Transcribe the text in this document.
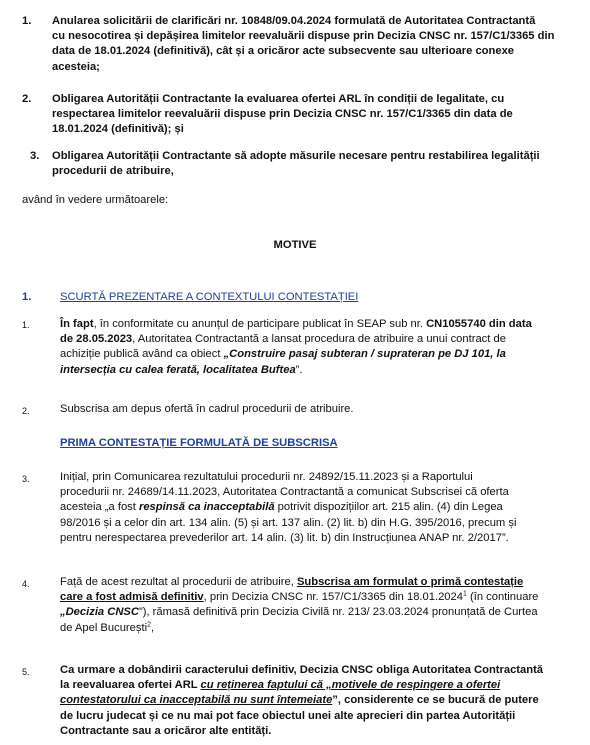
1. Anularea solicitării de clarificări nr. 10848/09.04.2024 formulată de Autoritatea Contractantă
cu nesocotirea și depășirea limitelor reevaluării dispuse prin Decizia CNSC nr. 157/C1/3365 din
data de 18.01.2024 (definitivă), cât și a oricăror acte subsecvente sau ulterioare conexe
acesteia;
2. Obligarea Autorității Contractante la evaluarea ofertei ARL în condiții de legalitate, cu
respectarea limitelor reevaluării dispuse prin Decizia CNSC nr. 157/C1/3365 din data de
18.01.2024 (definitivă); și
3. Obligarea Autorității Contractante să adopte măsurile necesare pentru restabilirea legalității
procedurii de atribuire,
având în vedere următoarele:
MOTIVE
1.	SCURTĂ PREZENTARE A CONTEXTULUI CONTESTAȚIEI
1.	În fapt, în conformitate cu anunțul de participare publicat în SEAP sub nr. CN1055740 din data
de 28.05.2023, Autoritatea Contractantă a lansat procedura de atribuire a unui contract de
achiziție publică având ca obiect „Construire pasaj subteran / suprateran pe DJ 101, la
intersecția cu calea ferată, localitatea Buftea”.
2.	Subscrisa am depus ofertă în cadrul procedurii de atribuire.
PRIMA CONTESTAȚIE FORMULATĂ DE SUBSCRISA
3.	Inițial, prin Comunicarea rezultatului procedurii nr. 24892/15.11.2023 și a Raportului
procedurii nr. 24689/14.11.2023, Autoritatea Contractantă a comunicat Subscrisei că oferta
acesteia „a fost respinsă ca inacceptabilă potrivit dispozițiilor art. 215 alin. (4) din Legea
98/2016 și a celor din art. 134 alin. (5) și art. 137 alin. (2) lit. b) din H.G. 395/2016, precum și
pentru nerespectarea prevederilor art. 14 alin. (3) lit. b) din Instrucțiunea ANAP nr. 2/2017”.
4.	Față de acest rezultat al procedurii de atribuire, Subscrisa am formulat o primă contestație
care a fost admisă definitiv, prin Decizia CNSC nr. 157/C1/3365 din 18.01.2024$^1$ (în continuare
„Decizia CNSC”), rămasă definitivă prin Decizia Civilă nr. 213/ 23.03.2024 pronunțată de Curtea
de Apel București$^2$,
5.	Ca urmare a dobândirii caracterului definitiv, Decizia CNSC obliga Autoritatea Contractantă
la reevaluarea ofertei ARL cu reținerea faptului că „motivele de respingere a ofertei
contestatorului ca inacceptabilă nu sunt întemeiate”, considerente ce se bucură de putere
de lucru judecat și ce nu mai pot face obiectul unei alte aprecieri din partea Autorității
Contractante sau a oricăror alte entități.
